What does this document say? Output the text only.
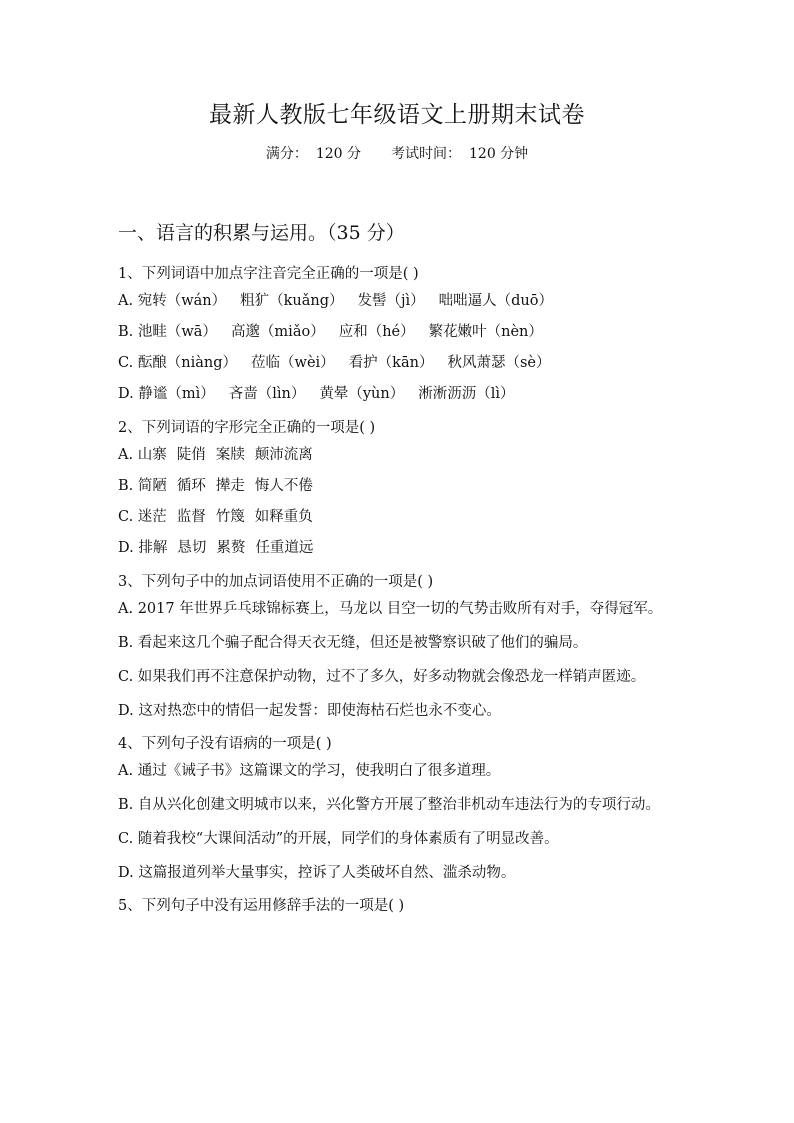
最新人教版七年级语文上册期末试卷
满分： 120 分 考试时间： 120 分钟
一、语言的积累与运用。（35 分）
1、下列词语中加点字注音完全正确的一项是( )
A. 宛转（wán） 粗犷（kuǎng） 发髻（jì） 咄咄逼人（duō）
B. 池畦（wā） 高邈（miǎo） 应和（hé） 繁花嫩叶（nèn）
C. 酝酿（niàng） 莅临（wèi） 看护（kān） 秋风萧瑟（sè）
D. 静谧（mì） 吝啬（lìn） 黄晕（yùn） 淅淅沥沥（lì）
2、下列词语的字形完全正确的一项是( )
A. 山寨 陡俏 案牍 颠沛流离
B. 简陋 循环 撵走 悔人不倦
C. 迷茫 监督 竹篾 如释重负
D. 排解 恳切 累赘 任重道远
3、下列句子中的加点词语使用不正确的一项是( )
A. 2017 年世界乒乓球锦标赛上，马龙以 目空一切的气势击败所有对手，夺得冠军。
B. 看起来这几个骗子配合得天衣无缝，但还是被警察识破了他们的骗局。
C. 如果我们再不注意保护动物，过不了多久，好多动物就会像恐龙一样销声匿迹。
D. 这对热恋中的情侣一起发誓：即使海枯石烂也永不变心。
4、下列句子没有语病的一项是( )
A. 通过《诫子书》这篇课文的学习，使我明白了很多道理。
B. 自从兴化创建文明城市以来，兴化警方开展了整治非机动车违法行为的专项行动。
C. 随着我校“大课间活动”的开展，同学们的身体素质有了明显改善。
D. 这篇报道列举大量事实，控诉了人类破坏自然、滥杀动物。
5、下列句子中没有运用修辞手法的一项是( )
